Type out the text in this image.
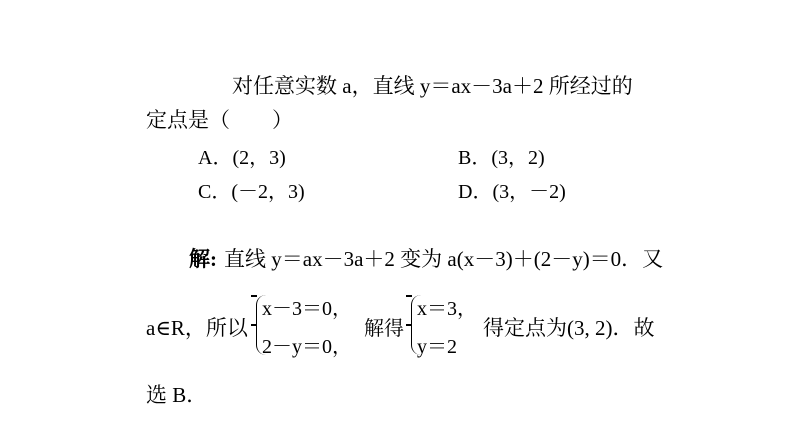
对任意实数 a，直线 y＝ax－3a＋2 所经过的
定点是（　　）
A．(2，3)	B．(3，2)
C．(－2，3)	D．(3，－2)
解: 直线 y＝ax－3a＋2 变为 a(x－3)＋(2－y)＝0．又
a∈R，所以
x－3＝0，
2－y＝0，
解得
x＝3，
y＝2
得定点为(3, 2)．故
选 B．
